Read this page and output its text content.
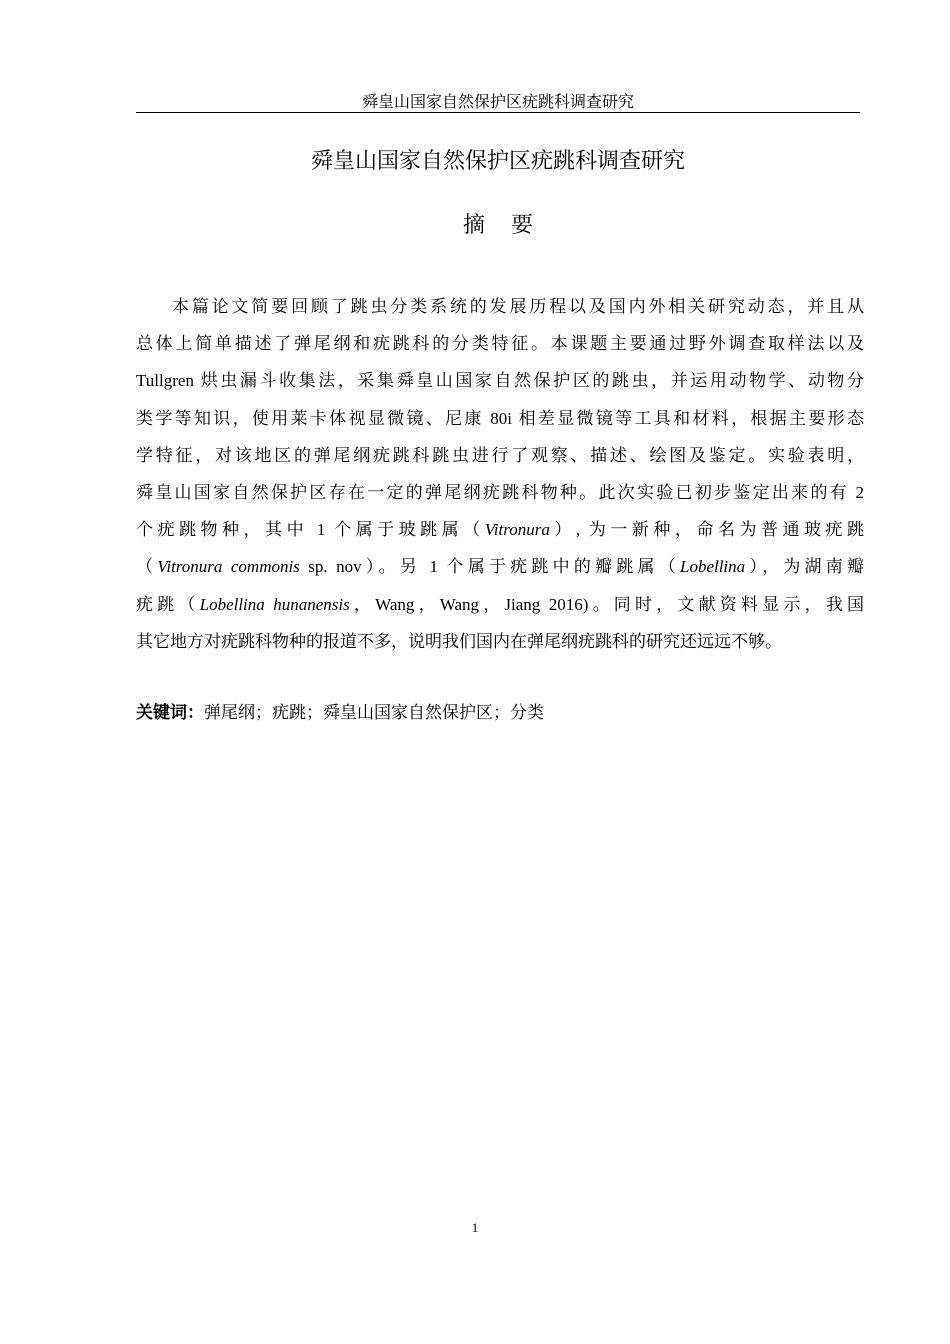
舜皇山国家自然保护区疣跳科调查研究
舜皇山国家自然保护区疣跳科调查研究
摘要
本篇论文简要回顾了跳虫分类系统的发展历程以及国内外相关研究动态，并且从
总体上简单描述了弹尾纲和疣跳科的分类特征。本课题主要通过野外调查取样法以及
Tullgren 烘虫漏斗收集法，采集舜皇山国家自然保护区的跳虫，并运用动物学、动物分
类学等知识，使用莱卡体视显微镜、尼康 80i 相差显微镜等工具和材料，根据主要形态
学特征，对该地区的弹尾纲疣跳科跳虫进行了观察、描述、绘图及鉴定。实验表明，
舜皇山国家自然保护区存在一定的弹尾纲疣跳科物种。此次实验已初步鉴定出来的有 2
个疣跳物种，其中 1 个属于玻跳属（Vitronura）, 为一新种，命名为普通玻疣跳
（Vitronura commonis sp. nov）。另 1 个属于疣跳中的瓣跳属（Lobellina），为湖南瓣
疣跳（Lobellina hunanensis，Wang，Wang，Jiang 2016)。同时，文献资料显示，我国
其它地方对疣跳科物种的报道不多，说明我们国内在弹尾纲疣跳科的研究还远远不够。
关键词：弹尾纲；疣跳；舜皇山国家自然保护区；分类
1
